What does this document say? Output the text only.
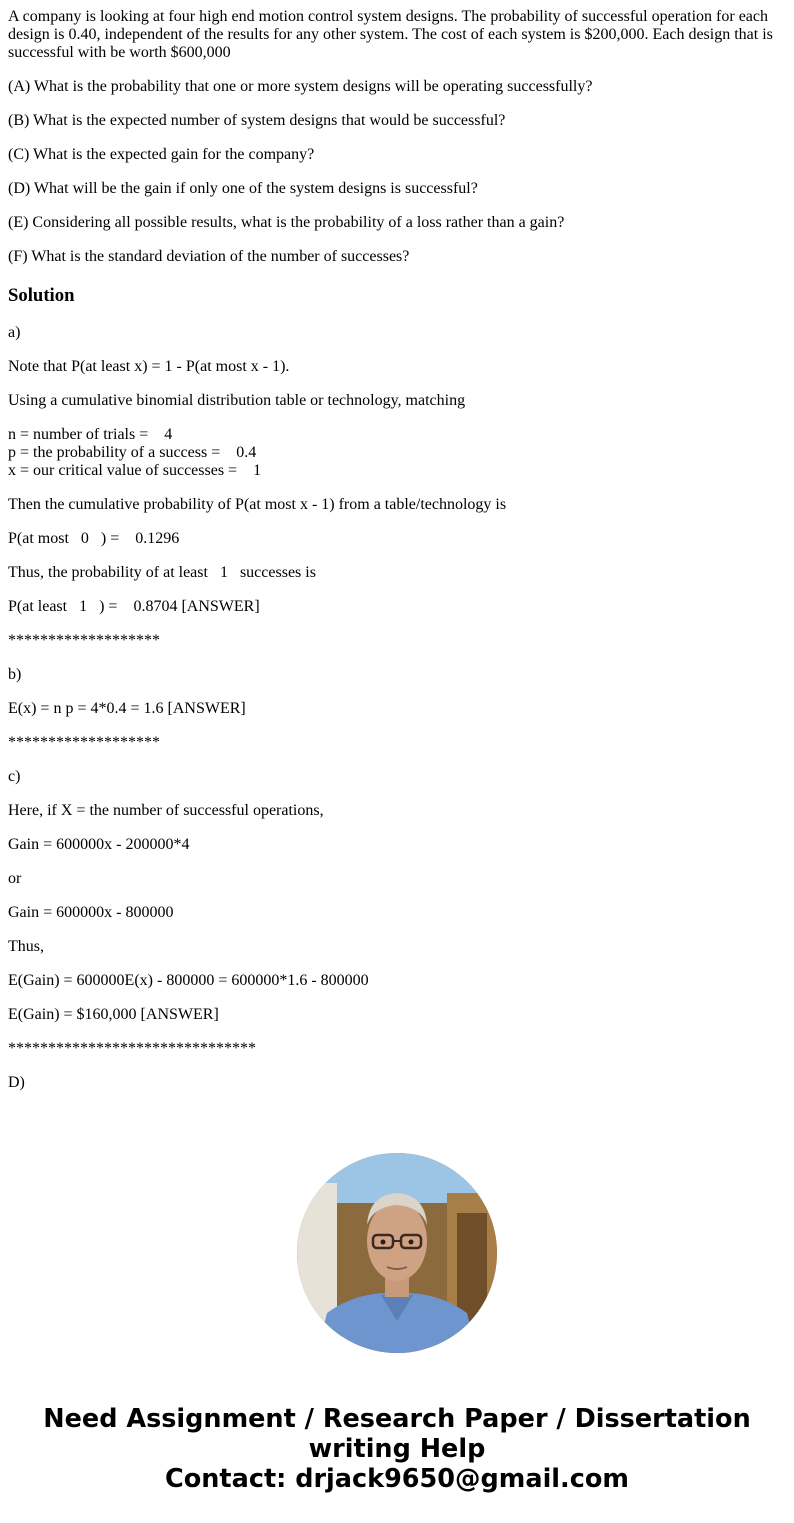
A company is looking at four high end motion control system designs. The probability of successful operation for each design is 0.40, independent of the results for any other system. The cost of each system is $200,000. Each design that is successful with be worth $600,000

(A) What is the probability that one or more system designs will be operating successfully?

(B) What is the expected number of system designs that would be successful?

(C) What is the expected gain for the company?

(D) What will be the gain if only one of the system designs is successful?

(E) Considering all possible results, what is the probability of a loss rather than a gain?

(F) What is the standard deviation of the number of successes?

Solution

a)

Note that P(at least x) = 1 - P(at most x - 1).

Using a cumulative binomial distribution table or technology, matching

n = number of trials =    4
p = the probability of a success =    0.4
x = our critical value of successes =    1

Then the cumulative probability of P(at most x - 1) from a table/technology is

P(at most   0   ) =    0.1296

Thus, the probability of at least   1   successes is

P(at least   1   ) =    0.8704 [ANSWER]

*******************

b)

E(x) = n p = 4*0.4 = 1.6 [ANSWER]

*******************

c)

Here, if X = the number of successful operations,

Gain = 600000x - 200000*4

or

Gain = 600000x - 800000

Thus,

E(Gain) = 600000E(x) - 800000 = 600000*1.6 - 800000

E(Gain) = $160,000 [ANSWER]

*******************************

D)

Need Assignment / Research Paper / Dissertation
writing Help
Contact: drjack9650@gmail.com
